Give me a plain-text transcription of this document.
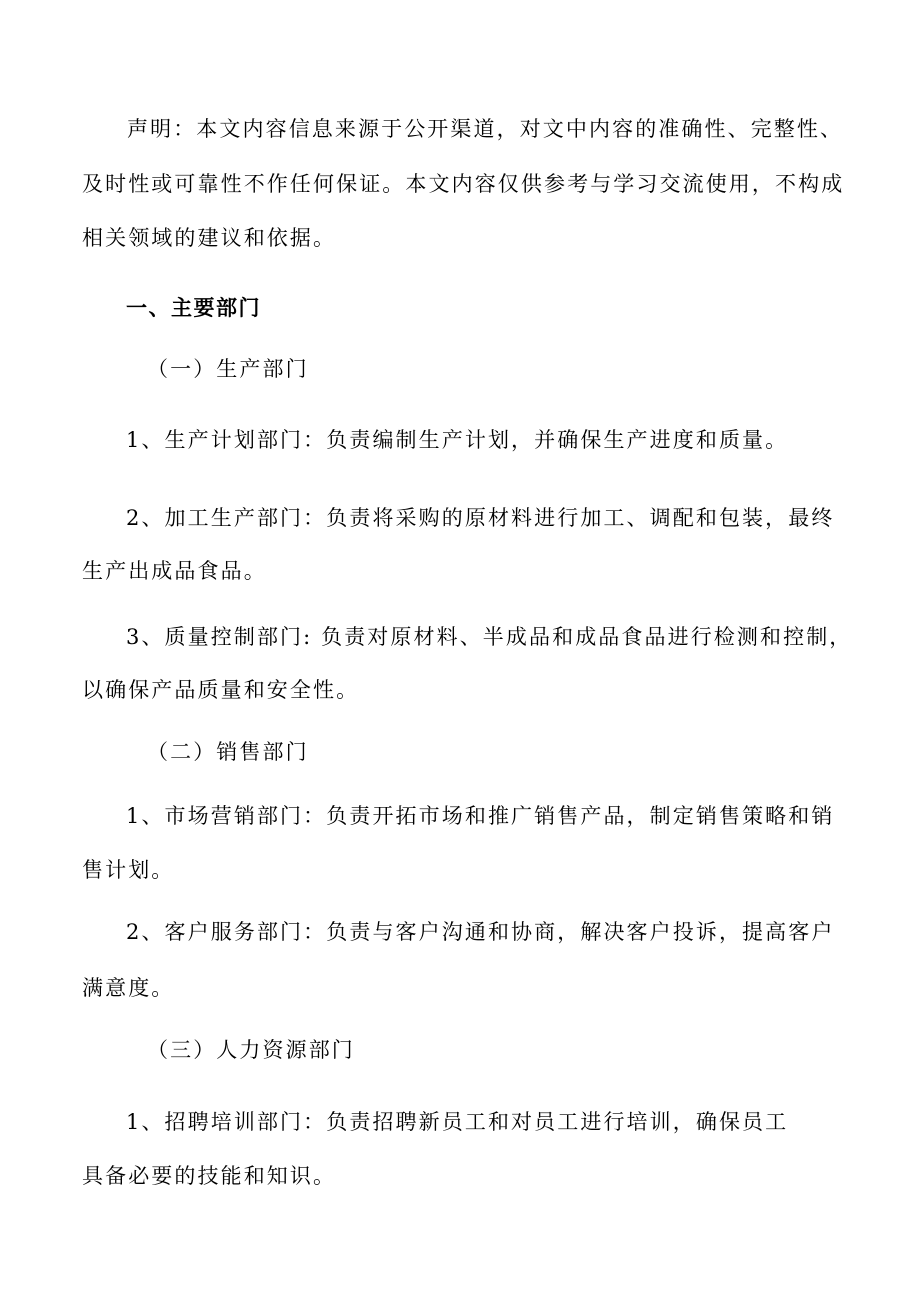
声明：本文内容信息来源于公开渠道，对文中内容的准确性、完整性、
及时性或可靠性不作任何保证。本文内容仅供参考与学习交流使用，不构成
相关领域的建议和依据。
一、主要部门
（一）生产部门
1、生产计划部门：负责编制生产计划，并确保生产进度和质量。
2、加工生产部门：负责将采购的原材料进行加工、调配和包装，最终
生产出成品食品。
3、质量控制部门: 负责对原材料、半成品和成品食品进行检测和控制，
以确保产品质量和安全性。
（二）销售部门
1、市场营销部门：负责开拓市场和推广销售产品，制定销售策略和销
售计划。
2、客户服务部门：负责与客户沟通和协商，解决客户投诉，提高客户
满意度。
（三）人力资源部门
1、招聘培训部门：负责招聘新员工和对员工进行培训，确保员工
具备必要的技能和知识。
